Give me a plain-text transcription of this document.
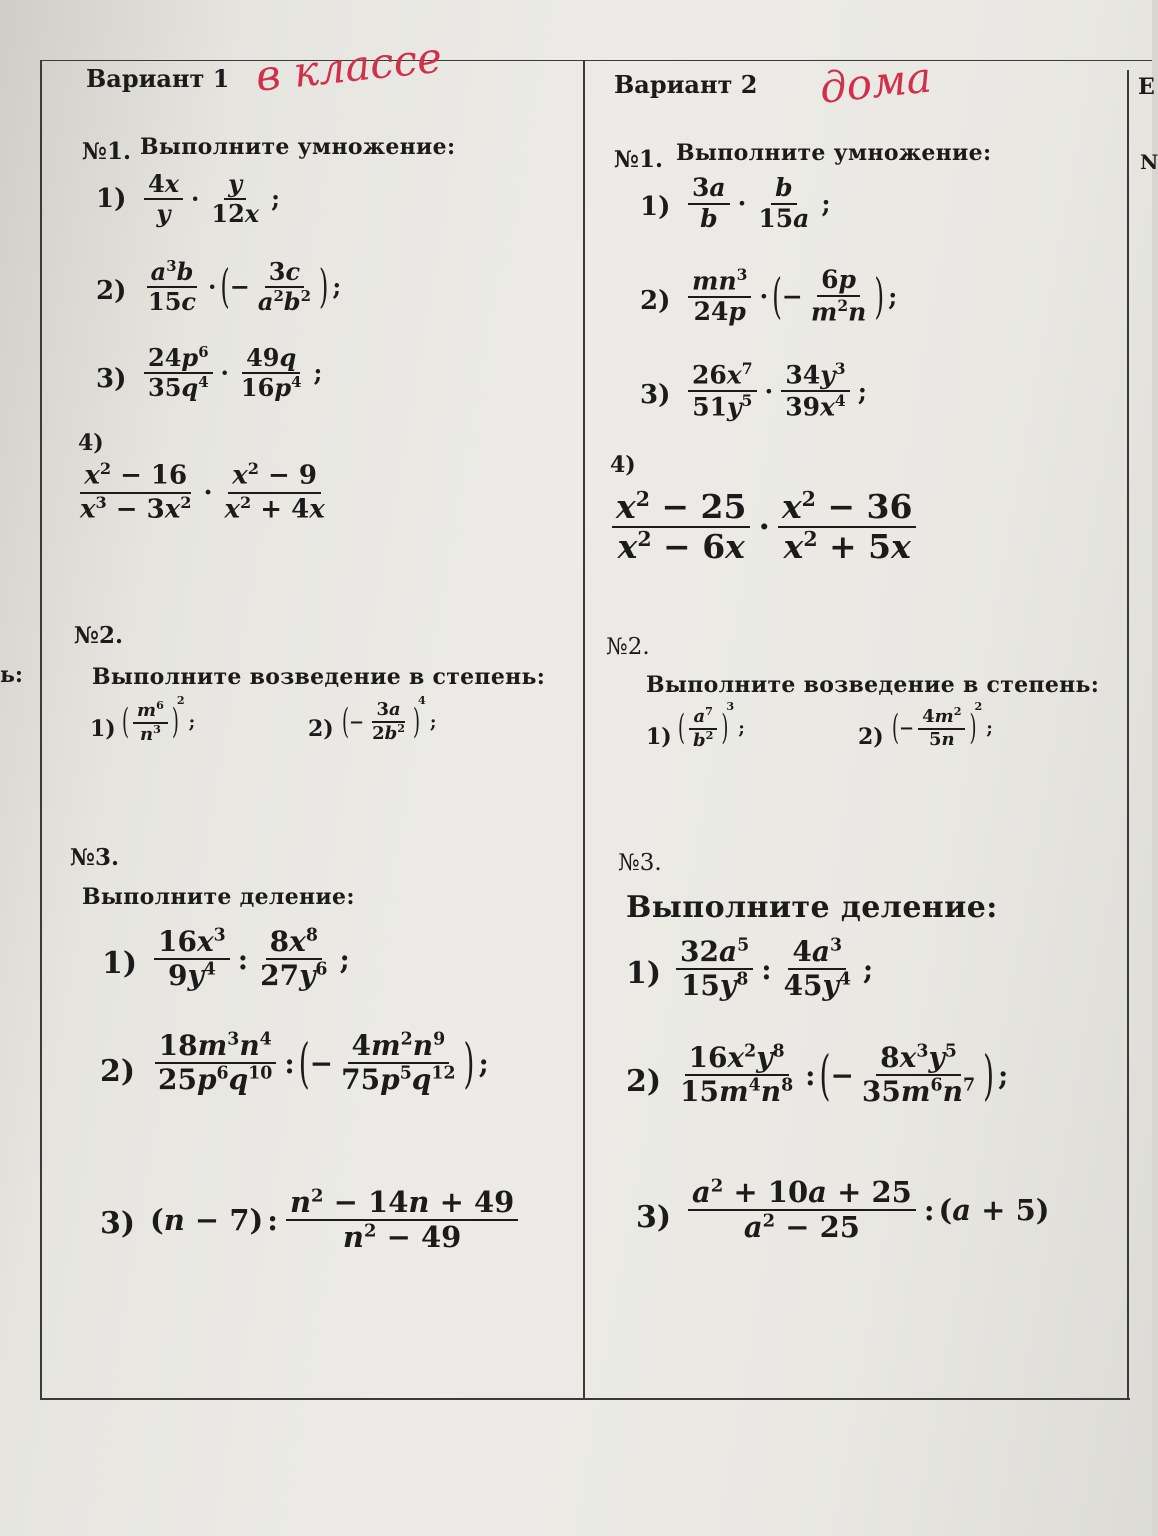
ь:
Е
N
Вариант 1 в классе
№1. Выполните умножение:
$1) \frac{4x}{y} \cdot \frac{y}{12x}$ ;
$2) \frac{a^3b}{15c}$ · ( − $\frac{3c}{a^2b^2}$ ) ;
$3) \frac{24p^6}{35q^4} \cdot \frac{49q}{16p^4}$ ;
4)
$\frac{x^2 - 16}{x^3 - 3x^2} \cdot \frac{x^2 - 9}{x^2 + 4x}$
№2.
Выполните возведение в степень:
1) ( $\frac{m^6}{n^3}$ )
2
;	2) ( − $\frac{3a}{2b^2}$ )
4
;
№3.
Выполните деление:
$1) \frac{16x^3}{9y^4}$ : $\frac{8x^8}{27y^6}$ ;
$2) \frac{18m^3n^4}{25p^6q^{10}}$ : ( − $\frac{4m^2n^9}{75p^5q^{12}}$ ) ;
3) (n − 7) : $\frac{n^2 - 14n + 49}{n^2 - 49}$
Вариант 2 дома
№1. Выполните умножение:
$1) \frac{3a}{b} \cdot \frac{b}{15a}$ ;
$2) \frac{mn^3}{24p}$ · ( − $\frac{6p}{m^2n}$ ) ;
$3) \frac{26x^7}{51y^5} \cdot \frac{34y^3}{39x^4}$ ;
4)
$\frac{x^2 - 25}{x^2 - 6x} \cdot \frac{x^2 - 36}{x^2 + 5x}$
№2.
Выполните возведение в степень:
1) ( $\frac{a^7}{b^2}$ )
3
;	2) ( − $\frac{4m^2}{5n}$ )
2
;
№3.
Выполните деление:
$1) \frac{32a^5}{15y^8}$ : $\frac{4a^3}{45y^4}$ ;
$2) \frac{16x^2y^8}{15m^4n^8}$ : ( − $\frac{8x^3y^5}{35m^6n^7}$ ) ;
$3) \frac{a^2 + 10a + 25}{a^2 - 25}$ : (a + 5)
